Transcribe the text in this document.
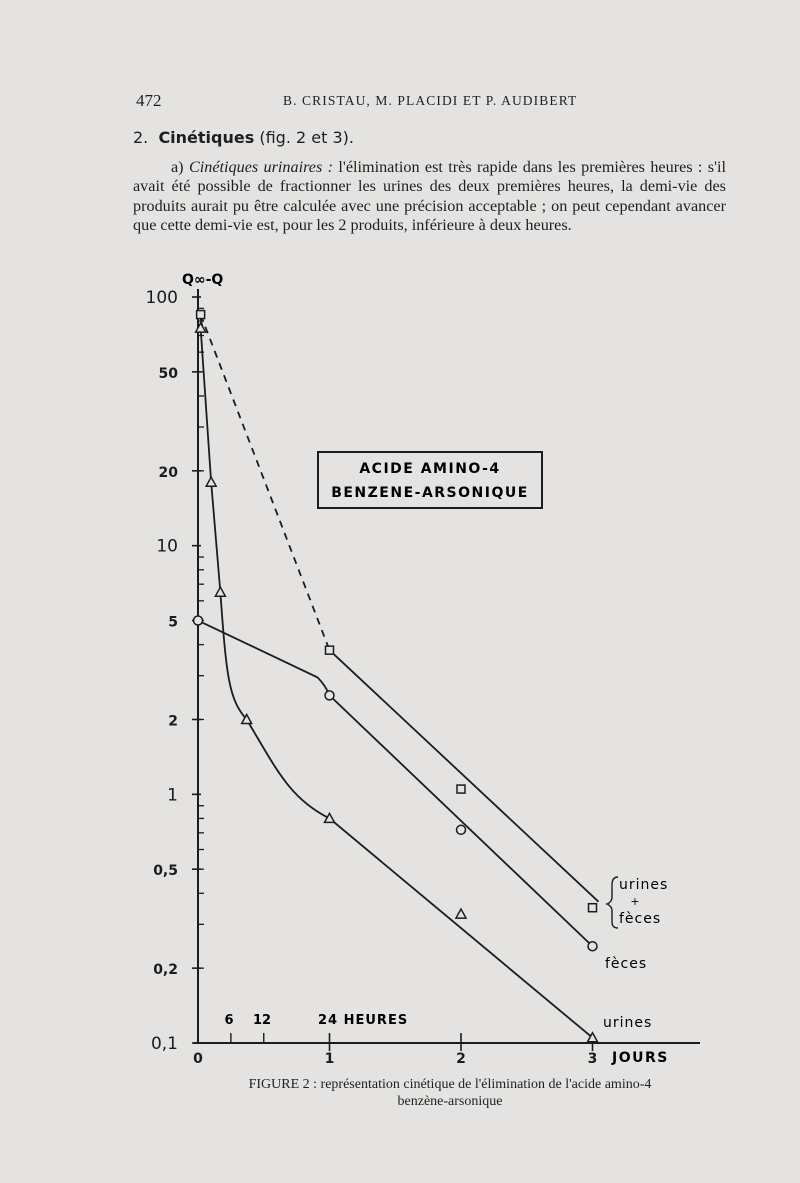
472	B. CRISTAU, M. PLACIDI ET P. AUDIBERT
2. Cinétiques (fig. 2 et 3).
a) Cinétiques urinaires : l'élimination est très rapide dans les premières heures : s'il avait été possible de fractionner les urines des deux premières heures, la demi-vie des produits aurait pu être calculée avec une précision acceptable ; on peut cependant avancer que cette demi-vie est, pour les 2 produits, inférieure à deux heures.
100
50
20
10
5
2
1
0,5
0,2
0,1
0	1	2	3
ACIDE AMINO-4
BENZENE-ARSONIQUE
Q∞-Q
6 12	24 HEURES
JOURS
urines
+
fèces
fèces
urines
FIGURE 2 : représentation cinétique de l'élimination de l'acide amino-4
benzène-arsonique
